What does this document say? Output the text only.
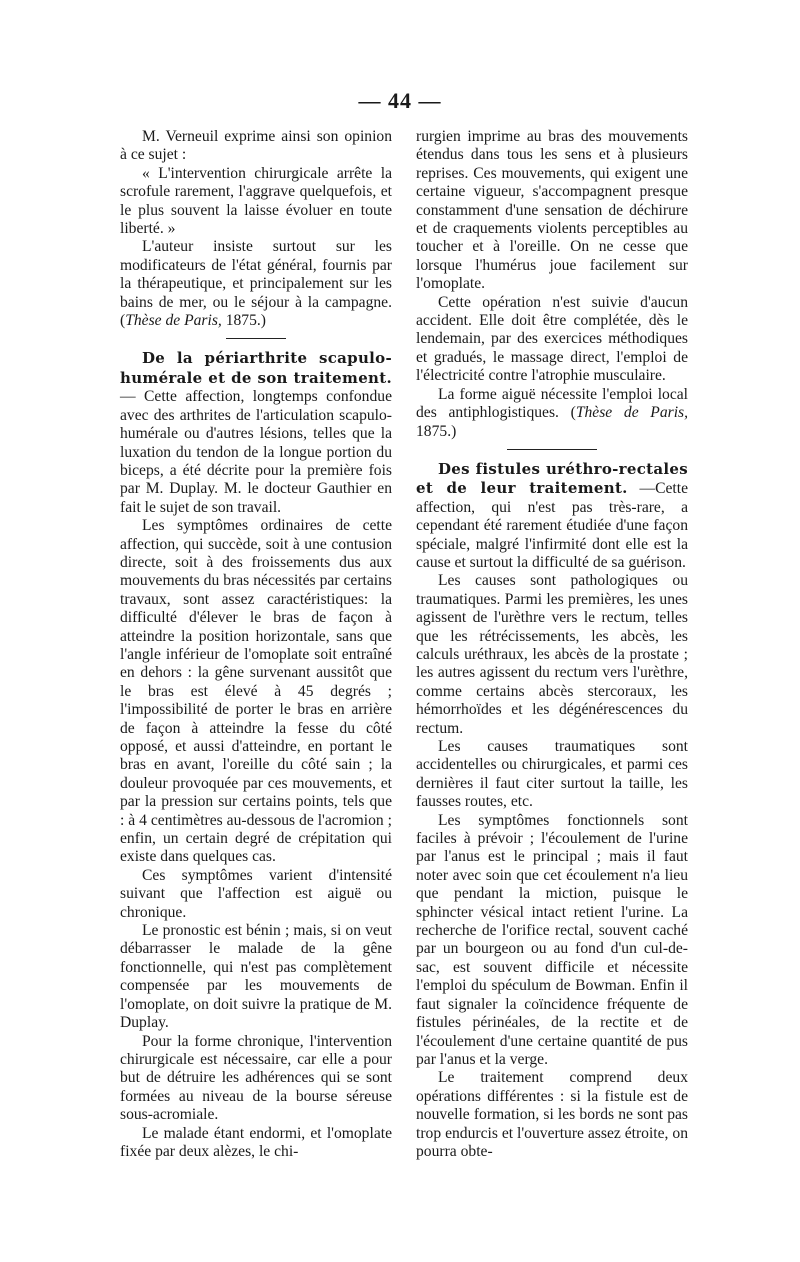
— 44 —

M. Verneuil exprime ainsi son opinion à ce sujet :

« L'intervention chirurgicale arrête la scrofule rarement, l'aggrave quelquefois, et le plus souvent la laisse évoluer en toute liberté. »

L'auteur insiste surtout sur les modificateurs de l'état général, fournis par la thérapeutique, et principalement sur les bains de mer, ou le séjour à la campagne. (Thèse de Paris, 1875.)

De la périarthrite scapulo-humérale et de son traitement. — Cette affection, longtemps confondue avec des arthrites de l'articulation scapulo-humérale ou d'autres lésions, telles que la luxation du tendon de la longue portion du biceps, a été décrite pour la première fois par M. Duplay. M. le docteur Gauthier en fait le sujet de son travail.

Les symptômes ordinaires de cette affection, qui succède, soit à une contusion directe, soit à des froissements dus aux mouvements du bras nécessités par certains travaux, sont assez caractéristiques: la difficulté d'élever le bras de façon à atteindre la position horizontale, sans que l'angle inférieur de l'omoplate soit entraîné en dehors : la gêne survenant aussitôt que le bras est élevé à 45 degrés ; l'impossibilité de porter le bras en arrière de façon à atteindre la fesse du côté opposé, et aussi d'atteindre, en portant le bras en avant, l'oreille du côté sain ; la douleur provoquée par ces mouvements, et par la pression sur certains points, tels que : à 4 centimètres au-dessous de l'acromion ; enfin, un certain degré de crépitation qui existe dans quelques cas.

Ces symptômes varient d'intensité suivant que l'affection est aiguë ou chronique.

Le pronostic est bénin ; mais, si on veut débarrasser le malade de la gêne fonctionnelle, qui n'est pas complètement compensée par les mouvements de l'omoplate, on doit suivre la pratique de M. Duplay.

Pour la forme chronique, l'intervention chirurgicale est nécessaire, car elle a pour but de détruire les adhérences qui se sont formées au niveau de la bourse séreuse sous-acromiale.

Le malade étant endormi, et l'omoplate fixée par deux alèzes, le chi-

rurgien imprime au bras des mouvements étendus dans tous les sens et à plusieurs reprises. Ces mouvements, qui exigent une certaine vigueur, s'accompagnent presque constamment d'une sensation de déchirure et de craquements violents perceptibles au toucher et à l'oreille. On ne cesse que lorsque l'humérus joue facilement sur l'omoplate.

Cette opération n'est suivie d'aucun accident. Elle doit être complétée, dès le lendemain, par des exercices méthodiques et gradués, le massage direct, l'emploi de l'électricité contre l'atrophie musculaire.

La forme aiguë nécessite l'emploi local des antiphlogistiques. (Thèse de Paris, 1875.)

Des fistules uréthro-rectales et de leur traitement. —Cette affection, qui n'est pas très-rare, a cependant été rarement étudiée d'une façon spéciale, malgré l'infirmité dont elle est la cause et surtout la difficulté de sa guérison.

Les causes sont pathologiques ou traumatiques. Parmi les premières, les unes agissent de l'urèthre vers le rectum, telles que les rétrécissements, les abcès, les calculs uréthraux, les abcès de la prostate ; les autres agissent du rectum vers l'urèthre, comme certains abcès stercoraux, les hémorrhoïdes et les dégénérescences du rectum.

Les causes traumatiques sont accidentelles ou chirurgicales, et parmi ces dernières il faut citer surtout la taille, les fausses routes, etc.

Les symptômes fonctionnels sont faciles à prévoir ; l'écoulement de l'urine par l'anus est le principal ; mais il faut noter avec soin que cet écoulement n'a lieu que pendant la miction, puisque le sphincter vésical intact retient l'urine. La recherche de l'orifice rectal, souvent caché par un bourgeon ou au fond d'un cul-de-sac, est souvent difficile et nécessite l'emploi du spéculum de Bowman. Enfin il faut signaler la coïncidence fréquente de fistules périnéales, de la rectite et de l'écoulement d'une certaine quantité de pus par l'anus et la verge.

Le traitement comprend deux opérations différentes : si la fistule est de nouvelle formation, si les bords ne sont pas trop endurcis et l'ouverture assez étroite, on pourra obte-
